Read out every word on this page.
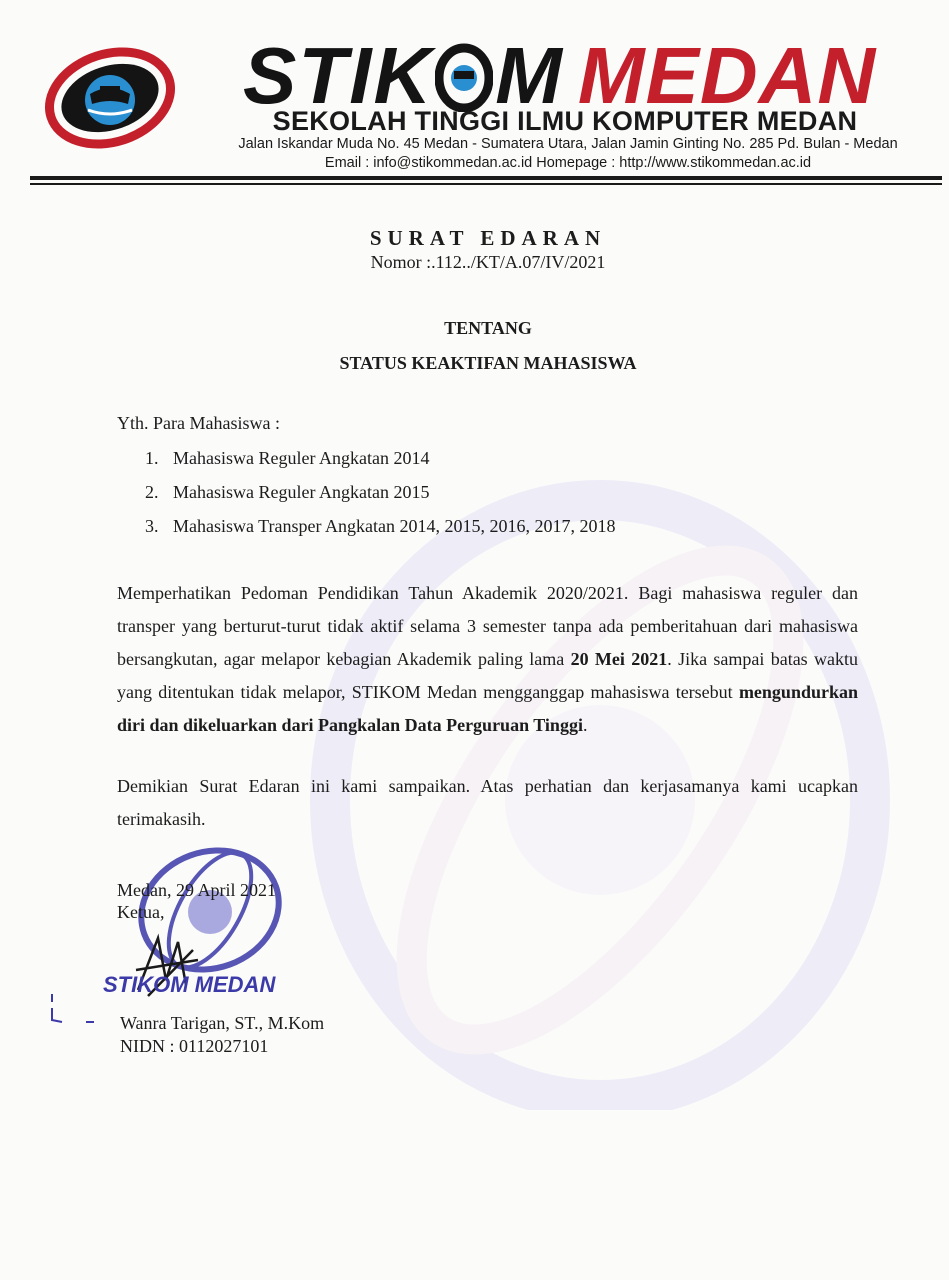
STIK M MEDAN
SEKOLAH TINGGI ILMU KOMPUTER MEDAN
Jalan Iskandar Muda No. 45 Medan - Sumatera Utara, Jalan Jamin Ginting No. 285 Pd. Bulan - Medan
Email : info@stikommedan.ac.id Homepage : http://www.stikommedan.ac.id
SURAT EDARAN
Nomor :.112../KT/A.07/IV/2021
TENTANG
STATUS KEAKTIFAN MAHASISWA
Yth. Para Mahasiswa :
1. Mahasiswa Reguler Angkatan 2014
2. Mahasiswa Reguler Angkatan 2015
3. Mahasiswa Transper Angkatan 2014, 2015, 2016, 2017, 2018

Memperhatikan Pedoman Pendidikan Tahun Akademik 2020/2021. Bagi mahasiswa reguler dan transper yang berturut-turut tidak aktif selama 3 semester tanpa ada pemberitahuan dari mahasiswa bersangkutan, agar melapor kebagian Akademik paling lama 20 Mei 2021. Jika sampai batas waktu yang ditentukan tidak melapor, STIKOM Medan mengganggap mahasiswa tersebut mengundurkan diri dan dikeluarkan dari Pangkalan Data Perguruan Tinggi.

Demikian Surat Edaran ini kami sampaikan. Atas perhatian dan kerjasamanya kami ucapkan terimakasih.

Medan, 29 April 2021
Ketua,
STIKOM MEDAN
Wanra Tarigan, ST., M.Kom
NIDN : 0112027101
